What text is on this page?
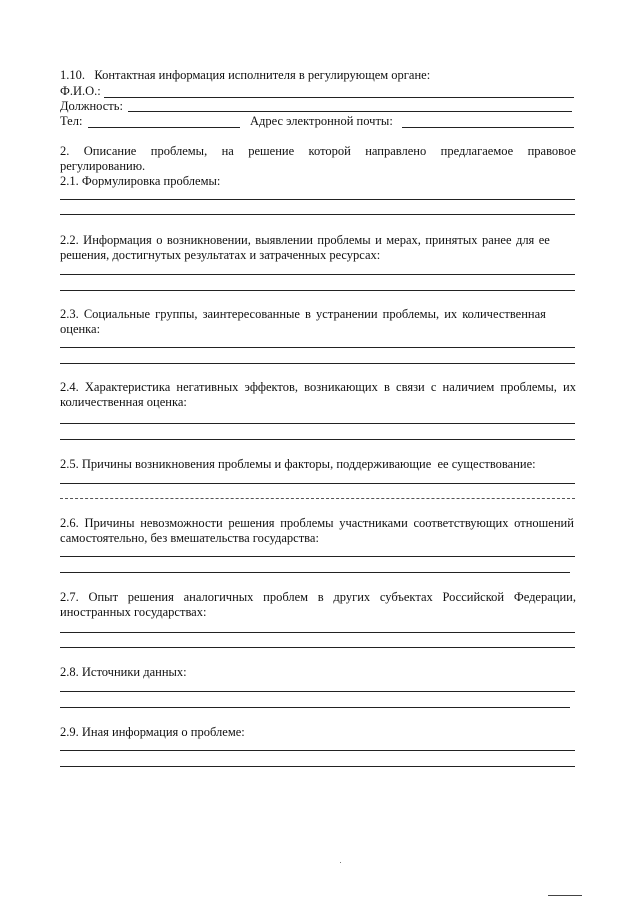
1.10.   Контактная информация исполнителя в регулирующем органе:
Ф.И.О.:
Должность:
Тел:	Адрес электронной почты:
2. Описание проблемы, на решение которой направлено предлагаемое правовое
регулированию.
2.1. Формулировка проблемы:
2.2. Информация о возникновении, выявлении проблемы и мерах, принятых ранее для ее
решения, достигнутых результатах и затраченных ресурсах:
2.3. Социальные группы, заинтересованные в устранении проблемы, их количественная
оценка:
2.4. Характеристика негативных эффектов, возникающих в связи с наличием проблемы, их
количественная оценка:
2.5. Причины возникновения проблемы и факторы, поддерживающие  ее существование:
2.6. Причины невозможности решения проблемы участниками соответствующих отношений
самостоятельно, без вмешательства государства:
2.7. Опыт решения аналогичных проблем в других субъектах Российской Федерации,
иностранных государствах:
2.8. Источники данных:
2.9. Иная информация о проблеме:
